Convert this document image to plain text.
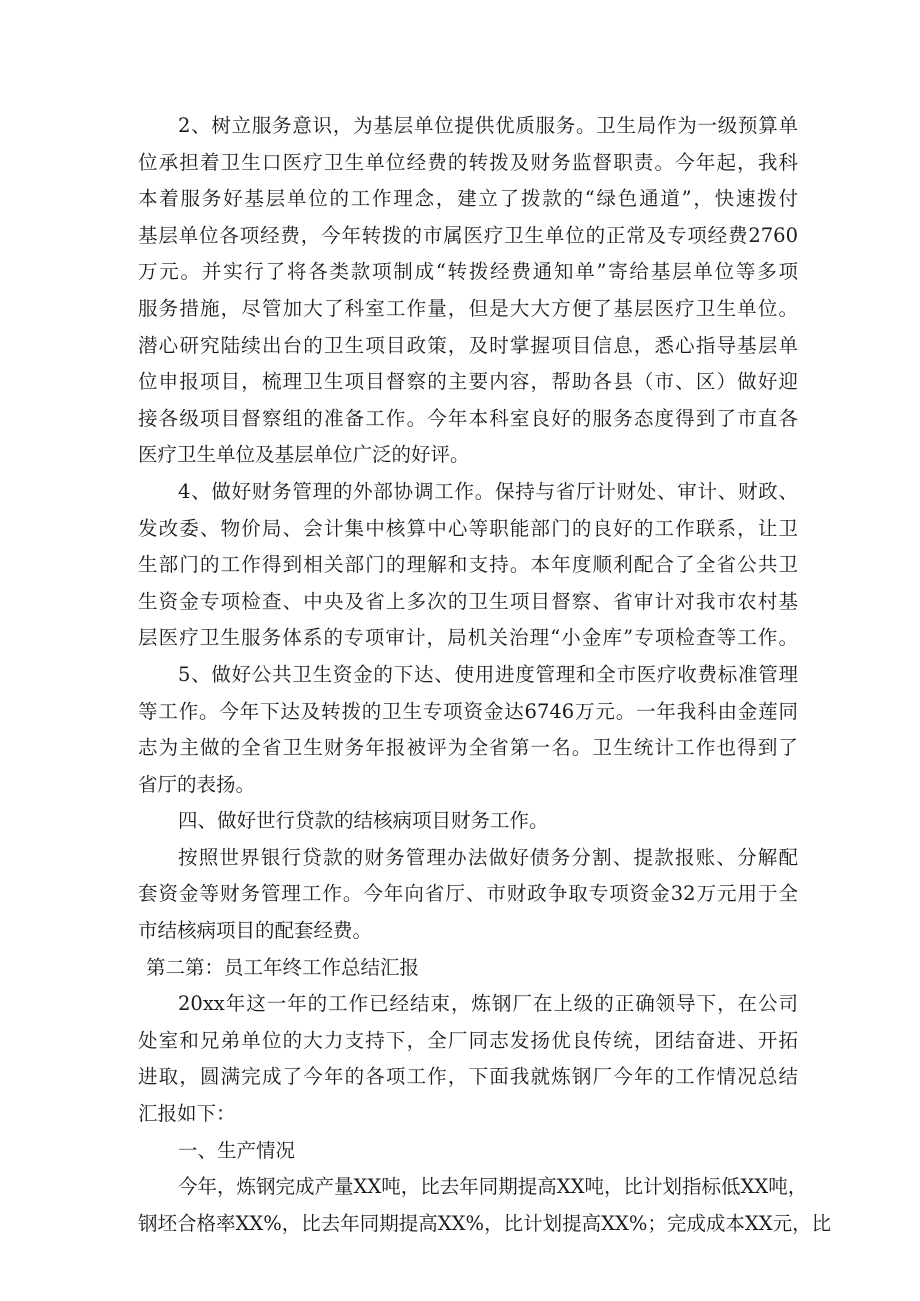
2、树立服务意识，为基层单位提供优质服务。卫生局作为一级预算单
位承担着卫生口医疗卫生单位经费的转拨及财务监督职责。今年起，我科
本着服务好基层单位的工作理念，建立了拨款的“绿色通道”，快速拨付
基层单位各项经费，今年转拨的市属医疗卫生单位的正常及专项经费2760
万元。并实行了将各类款项制成“转拨经费通知单”寄给基层单位等多项
服务措施，尽管加大了科室工作量，但是大大方便了基层医疗卫生单位。
潜心研究陆续出台的卫生项目政策，及时掌握项目信息，悉心指导基层单
位申报项目，梳理卫生项目督察的主要内容，帮助各县（市、区）做好迎
接各级项目督察组的准备工作。今年本科室良好的服务态度得到了市直各
医疗卫生单位及基层单位广泛的好评。
4、做好财务管理的外部协调工作。保持与省厅计财处、审计、财政、
发改委、物价局、会计集中核算中心等职能部门的良好的工作联系，让卫
生部门的工作得到相关部门的理解和支持。本年度顺利配合了全省公共卫
生资金专项检查、中央及省上多次的卫生项目督察、省审计对我市农村基
层医疗卫生服务体系的专项审计，局机关治理“小金库”专项检查等工作。
5、做好公共卫生资金的下达、使用进度管理和全市医疗收费标准管理
等工作。今年下达及转拨的卫生专项资金达6746万元。一年我科由金莲同
志为主做的全省卫生财务年报被评为全省第一名。卫生统计工作也得到了
省厅的表扬。
四、做好世行贷款的结核病项目财务工作。
按照世界银行贷款的财务管理办法做好债务分割、提款报账、分解配
套资金等财务管理工作。今年向省厅、市财政争取专项资金32万元用于全
市结核病项目的配套经费。
第二第：员工年终工作总结汇报
20xx年这一年的工作已经结束，炼钢厂在上级的正确领导下，在公司
处室和兄弟单位的大力支持下，全厂同志发扬优良传统，团结奋进、开拓
进取，圆满完成了今年的各项工作，下面我就炼钢厂今年的工作情况总结
汇报如下：
一、生产情况
今年，炼钢完成产量XX吨，比去年同期提高XX吨，比计划指标低XX吨，
钢坯合格率XX%，比去年同期提高XX%，比计划提高XX%；完成成本XX元，比
